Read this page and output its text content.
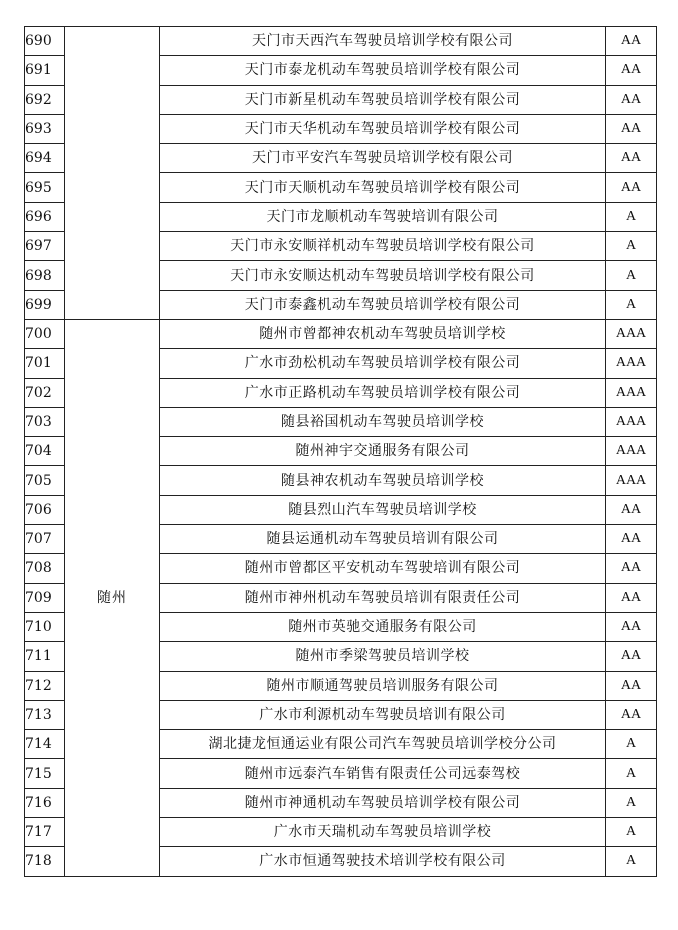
690		天门市天西汽车驾驶员培训学校有限公司	AA
691		天门市泰龙机动车驾驶员培训学校有限公司	AA
692		天门市新星机动车驾驶员培训学校有限公司	AA
693		天门市天华机动车驾驶员培训学校有限公司	AA
694		天门市平安汽车驾驶员培训学校有限公司	AA
695		天门市天顺机动车驾驶员培训学校有限公司	AA
696		天门市龙顺机动车驾驶培训有限公司	A
697		天门市永安顺祥机动车驾驶员培训学校有限公司	A
698		天门市永安顺达机动车驾驶员培训学校有限公司	A
699		天门市泰鑫机动车驾驶员培训学校有限公司	A
700	随州	随州市曾都神农机动车驾驶员培训学校	AAA
701		广水市劲松机动车驾驶员培训学校有限公司	AAA
702		广水市正路机动车驾驶员培训学校有限公司	AAA
703		随县裕国机动车驾驶员培训学校	AAA
704		随州神宇交通服务有限公司	AAA
705		随县神农机动车驾驶员培训学校	AAA
706		随县烈山汽车驾驶员培训学校	AA
707		随县运通机动车驾驶员培训有限公司	AA
708		随州市曾都区平安机动车驾驶培训有限公司	AA
709		随州市神州机动车驾驶员培训有限责任公司	AA
710		随州市英驰交通服务有限公司	AA
711		随州市季梁驾驶员培训学校	AA
712		随州市顺通驾驶员培训服务有限公司	AA
713		广水市利源机动车驾驶员培训有限公司	AA
714		湖北捷龙恒通运业有限公司汽车驾驶员培训学校分公司	A
715		随州市远泰汽车销售有限责任公司远泰驾校	A
716		随州市神通机动车驾驶员培训学校有限公司	A
717		广水市天瑞机动车驾驶员培训学校	A
718		广水市恒通驾驶技术培训学校有限公司	A
